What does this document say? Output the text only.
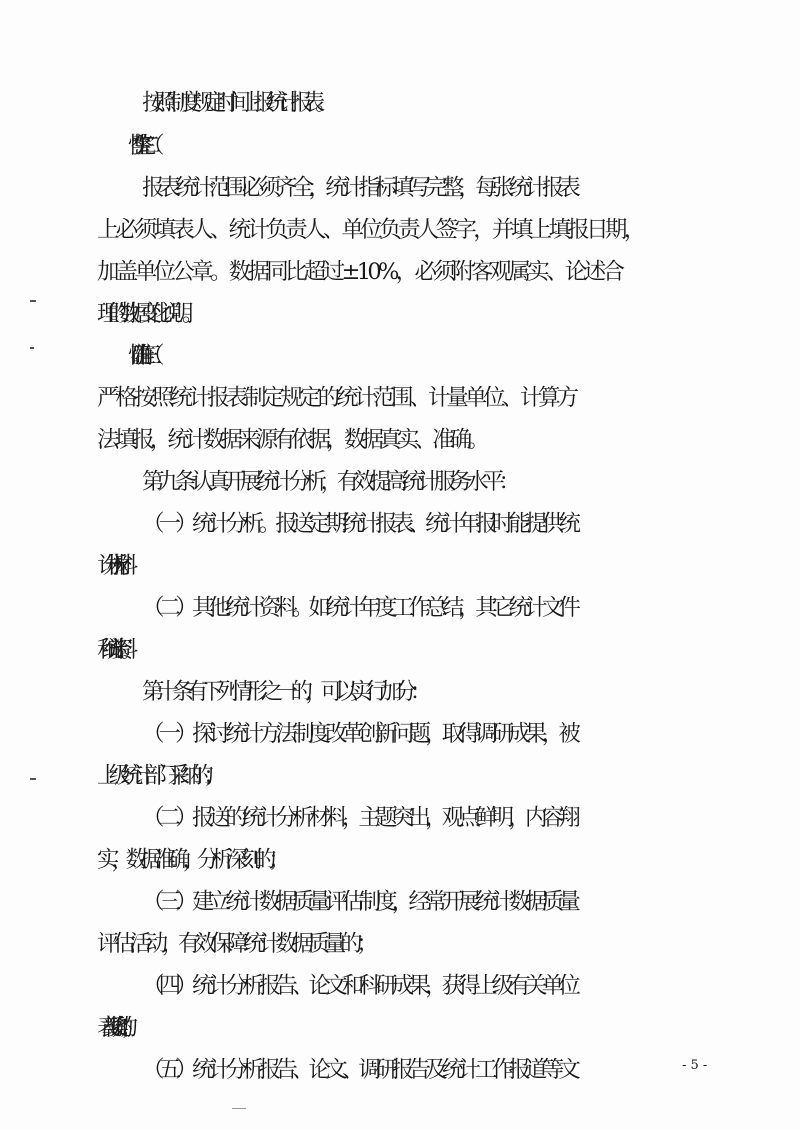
按照制度规定时间上报统计报表。
报表统计范围必须齐全，统计指标填写完整，每张统计报表
上必须填表人、统计负责人、单位负责人签字，并填上填报日期，
加盖单位公章。数据同比超过±10%，必须附客观属实、论述合
理的数据变化说明。
严格按照统计报表制定规定的统计范围、计量单位、计算方
法填报，统计数据来源有依据，数据真实、准确。
第九条 认真开展统计分析，有效提高统计服务水平：
（一）统计分析。报送定期统计报表、统计年报时能提供统
计分析材料。
（二）其他统计资料。如统计年度工作总结，其它统计文件
和统计资料。
第十条 有下列情形之一的，可以实行加分：
（一）探讨统计方法制度改革创新问题，取得调研成果，被
上级统计部门采纳的；
（二）报送的统计分析材料，主题突出，观点鲜明，内容翔
实，数据准确，分析深刻的；
（三）建立统计数据质量评估制度，经常开展统计数据质量
评估活动，有效保障统计数据质量的；
（四）统计分析报告、论文和科研成果，获得上级有关单位
表彰奖励的；
（五）统计分析报告、论文、调研报告及统计工作报道等文	- 5 -
